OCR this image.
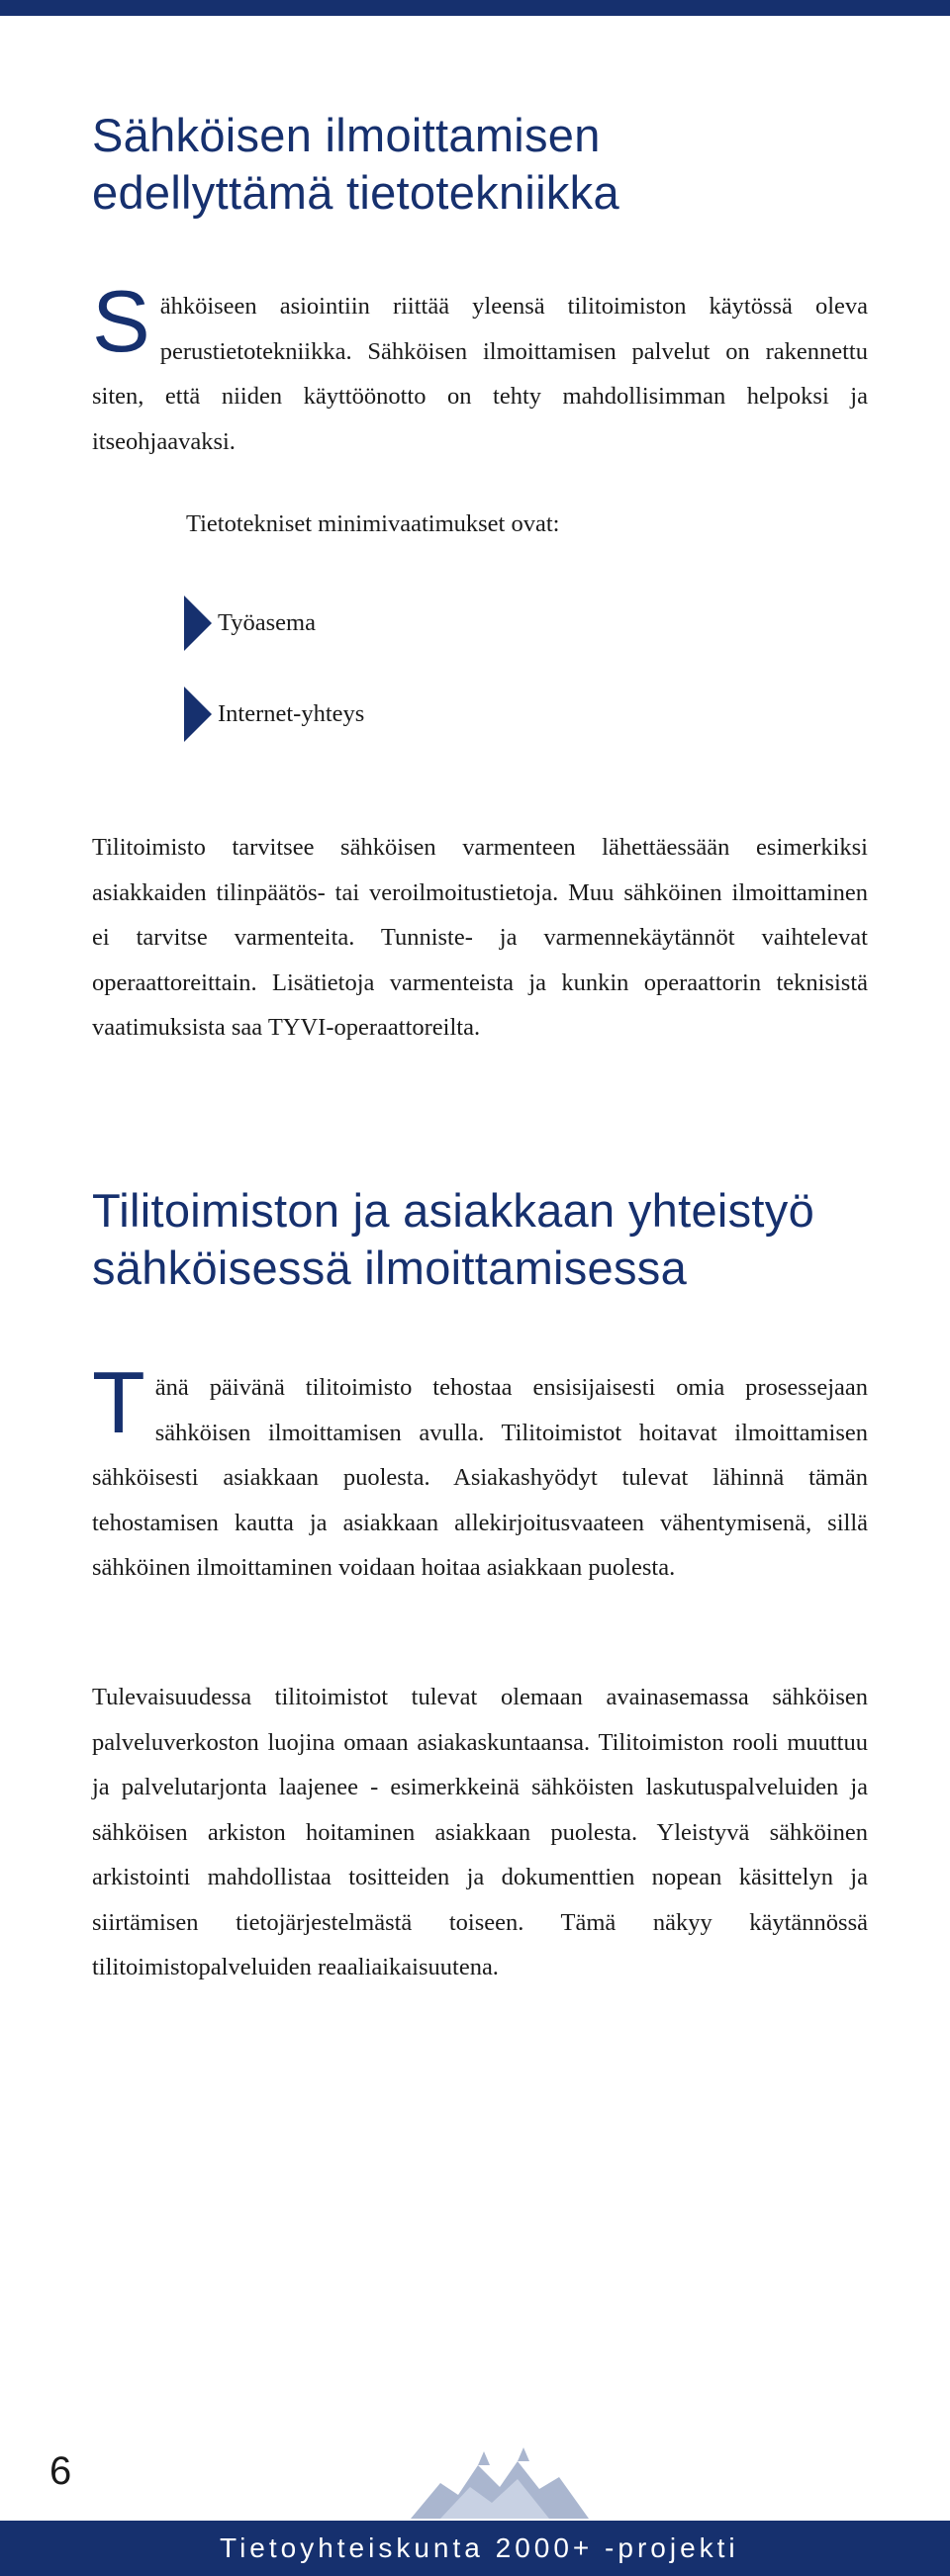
Sähköisen ilmoittamisen
edellyttämä tietotekniikka

Sähköiseen asiointiin riittää yleensä tilitoimiston käytössä oleva perustietotekniikka. Sähköisen ilmoittamisen palvelut on rakennettu siten, että niiden käyttöönotto on tehty mahdollisimman helpoksi ja itseohjaavaksi.

Tietotekniset minimivaatimukset ovat:

Työasema
Internet-yhteys

Tilitoimisto tarvitsee sähköisen varmenteen lähettäessään esimerkiksi asiakkaiden tilinpäätös- tai veroilmoitustietoja. Muu sähköinen ilmoittaminen ei tarvitse varmenteita. Tunniste- ja varmennekäytännöt vaihtelevat operaattoreittain. Lisätietoja varmenteista ja kunkin operaattorin teknisistä vaatimuksista saa TYVI-operaattoreilta.

Tilitoimiston ja asiakkaan yhteistyö
sähköisessä ilmoittamisessa

Tänä päivänä tilitoimisto tehostaa ensisijaisesti omia prosessejaan sähköisen ilmoittamisen avulla. Tilitoimistot hoitavat ilmoittamisen sähköisesti asiakkaan puolesta. Asiakashyödyt tulevat lähinnä tämän tehostamisen kautta ja asiakkaan allekirjoitusvaateen vähentymisenä, sillä sähköinen ilmoittaminen voidaan hoitaa asiakkaan puolesta.

Tulevaisuudessa tilitoimistot tulevat olemaan avainasemassa sähköisen palveluverkoston luojina omaan asiakaskuntaansa. Tilitoimiston rooli muuttuu ja palvelutarjonta laajenee - esimerkkeinä sähköisten laskutuspalveluiden ja sähköisen arkiston hoitaminen asiakkaan puolesta. Yleistyvä sähköinen arkistointi mahdollistaa tositteiden ja dokumenttien nopean käsittelyn ja siirtämisen tietojärjestelmästä toiseen. Tämä näkyy käytännössä tilitoimistopalveluiden reaaliaikaisuutena.

6
Tietoyhteiskunta 2000+ -projekti
